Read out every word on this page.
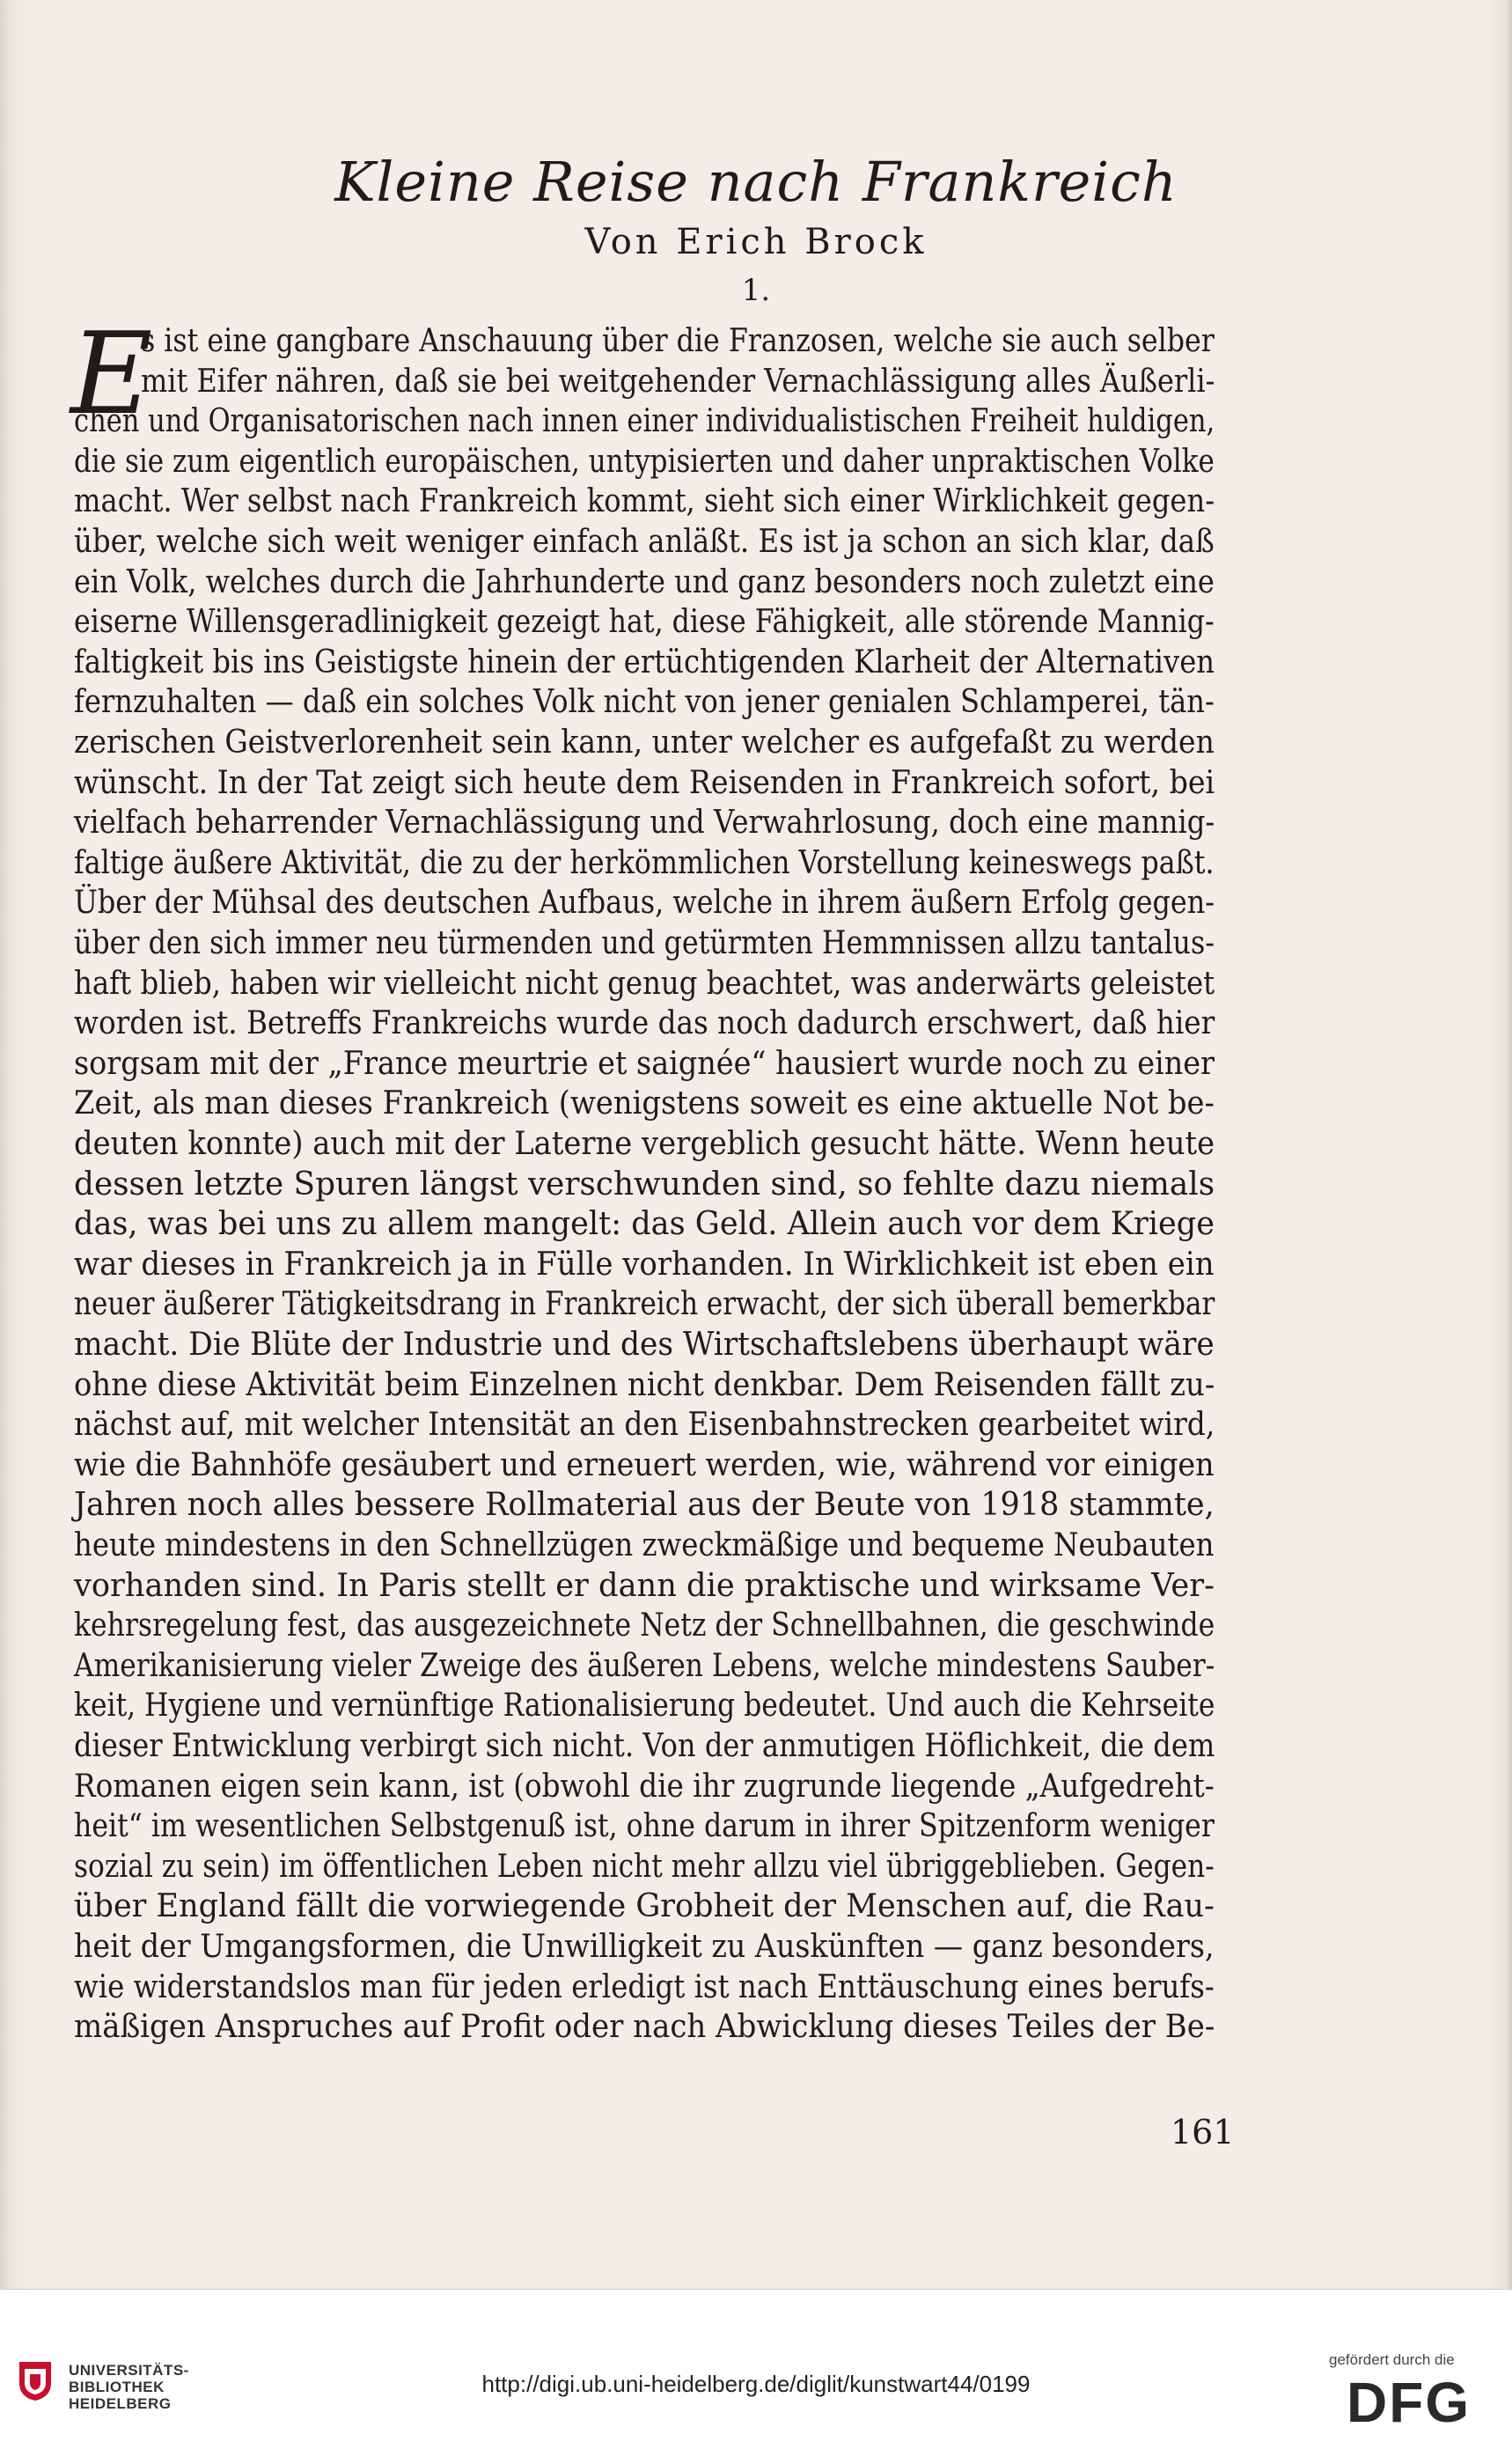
Kleine Reise nach Frankreich
Von Erich Brock
1.
E
s ist eine gangbare Anschauung über die Franzosen, welche sie auch selber
mit Eifer nähren, daß sie bei weitgehender Vernachlässigung alles Äußerli-
chen und Organisatorischen nach innen einer individualistischen Freiheit huldigen,
die sie zum eigentlich europäischen, untypisierten und daher unpraktischen Volke
macht. Wer selbst nach Frankreich kommt, sieht sich einer Wirklichkeit gegen-
über, welche sich weit weniger einfach anläßt. Es ist ja schon an sich klar, daß
ein Volk, welches durch die Jahrhunderte und ganz besonders noch zuletzt eine
eiserne Willensgeradlinigkeit gezeigt hat, diese Fähigkeit, alle störende Mannig-
faltigkeit bis ins Geistigste hinein der ertüchtigenden Klarheit der Alternativen
fernzuhalten — daß ein solches Volk nicht von jener genialen Schlamperei, tän-
zerischen Geistverlorenheit sein kann, unter welcher es aufgefaßt zu werden
wünscht. In der Tat zeigt sich heute dem Reisenden in Frankreich sofort, bei
vielfach beharrender Vernachlässigung und Verwahrlosung, doch eine mannig-
faltige äußere Aktivität, die zu der herkömmlichen Vorstellung keineswegs paßt.
Über der Mühsal des deutschen Aufbaus, welche in ihrem äußern Erfolg gegen-
über den sich immer neu türmenden und getürmten Hemmnissen allzu tantalus-
haft blieb, haben wir vielleicht nicht genug beachtet, was anderwärts geleistet
worden ist. Betreffs Frankreichs wurde das noch dadurch erschwert, daß hier
sorgsam mit der „France meurtrie et saignée“ hausiert wurde noch zu einer
Zeit, als man dieses Frankreich (wenigstens soweit es eine aktuelle Not be-
deuten konnte) auch mit der Laterne vergeblich gesucht hätte. Wenn heute
dessen letzte Spuren längst verschwunden sind, so fehlte dazu niemals
das, was bei uns zu allem mangelt: das Geld. Allein auch vor dem Kriege
war dieses in Frankreich ja in Fülle vorhanden. In Wirklichkeit ist eben ein
neuer äußerer Tätigkeitsdrang in Frankreich erwacht, der sich überall bemerkbar
macht. Die Blüte der Industrie und des Wirtschaftslebens überhaupt wäre
ohne diese Aktivität beim Einzelnen nicht denkbar. Dem Reisenden fällt zu-
nächst auf, mit welcher Intensität an den Eisenbahnstrecken gearbeitet wird,
wie die Bahnhöfe gesäubert und erneuert werden, wie, während vor einigen
Jahren noch alles bessere Rollmaterial aus der Beute von 1918 stammte,
heute mindestens in den Schnellzügen zweckmäßige und bequeme Neubauten
vorhanden sind. In Paris stellt er dann die praktische und wirksame Ver-
kehrsregelung fest, das ausgezeichnete Netz der Schnellbahnen, die geschwinde
Amerikanisierung vieler Zweige des äußeren Lebens, welche mindestens Sauber-
keit, Hygiene und vernünftige Rationalisierung bedeutet. Und auch die Kehrseite
dieser Entwicklung verbirgt sich nicht. Von der anmutigen Höflichkeit, die dem
Romanen eigen sein kann, ist (obwohl die ihr zugrunde liegende „Aufgedreht-
heit“ im wesentlichen Selbstgenuß ist, ohne darum in ihrer Spitzenform weniger
sozial zu sein) im öffentlichen Leben nicht mehr allzu viel übriggeblieben. Gegen-
über England fällt die vorwiegende Grobheit der Menschen auf, die Rau-
heit der Umgangsformen, die Unwilligkeit zu Auskünften — ganz besonders,
wie widerstandslos man für jeden erledigt ist nach Enttäuschung eines berufs-
mäßigen Anspruches auf Profit oder nach Abwicklung dieses Teiles der Be-
161
UNIVERSITÄTS-
BIBLIOTHEK
HEIDELBERG
http://digi.ub.uni-heidelberg.de/diglit/kunstwart44/0199
gefördert durch die
DFG
